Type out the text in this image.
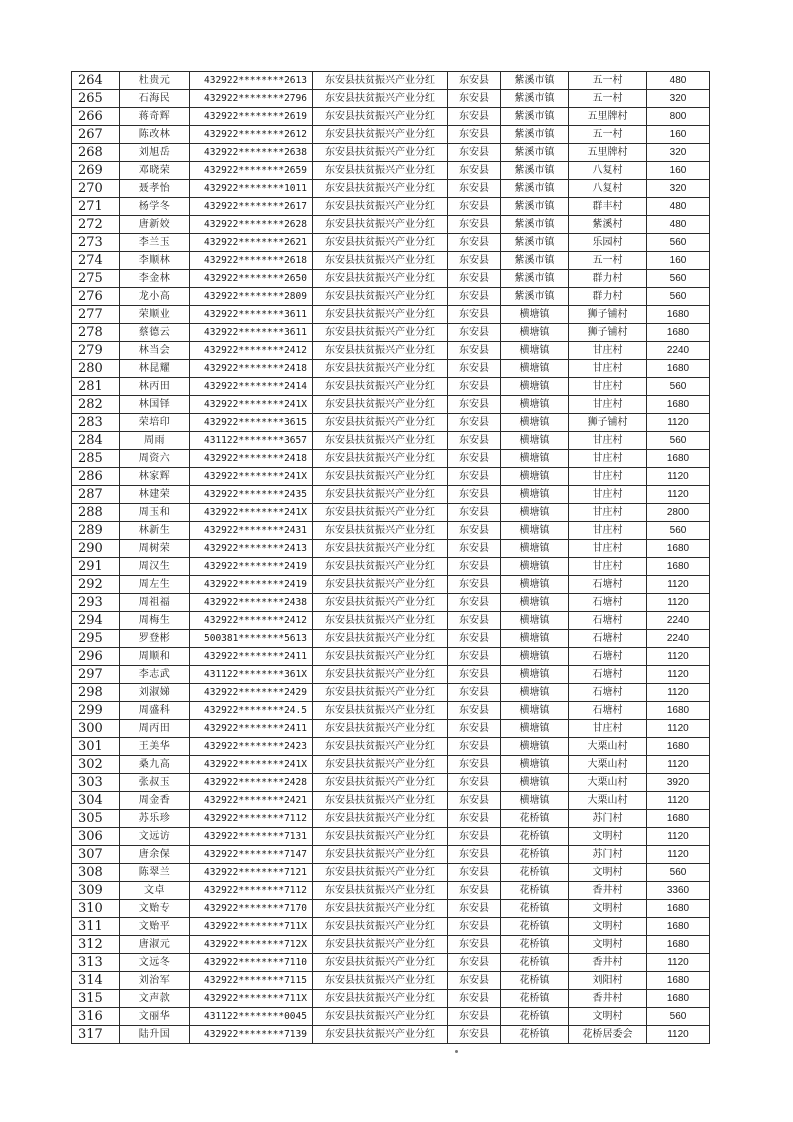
264	杜贵元	432922********2613	东安县扶贫振兴产业分红	东安县	紫溪市镇	五一村	480
265	石海民	432922********2796	东安县扶贫振兴产业分红	东安县	紫溪市镇	五一村	320
266	蒋奇辉	432922********2619	东安县扶贫振兴产业分红	东安县	紫溪市镇	五里牌村	800
267	陈改林	432922********2612	东安县扶贫振兴产业分红	东安县	紫溪市镇	五一村	160
268	刘旭岳	432922********2638	东安县扶贫振兴产业分红	东安县	紫溪市镇	五里牌村	320
269	邓晓荣	432922********2659	东安县扶贫振兴产业分红	东安县	紫溪市镇	八复村	160
270	聂孝怡	432922********1011	东安县扶贫振兴产业分红	东安县	紫溪市镇	八复村	320
271	杨学冬	432922********2617	东安县扶贫振兴产业分红	东安县	紫溪市镇	群丰村	480
272	唐新姣	432922********2628	东安县扶贫振兴产业分红	东安县	紫溪市镇	紫溪村	480
273	李兰玉	432922********2621	东安县扶贫振兴产业分红	东安县	紫溪市镇	乐园村	560
274	李顺林	432922********2618	东安县扶贫振兴产业分红	东安县	紫溪市镇	五一村	160
275	李金林	432922********2650	东安县扶贫振兴产业分红	东安县	紫溪市镇	群力村	560
276	龙小高	432922********2809	东安县扶贫振兴产业分红	东安县	紫溪市镇	群力村	560
277	荣顺业	432922********3611	东安县扶贫振兴产业分红	东安县	横塘镇	狮子铺村	1680
278	蔡德云	432922********3611	东安县扶贫振兴产业分红	东安县	横塘镇	狮子铺村	1680
279	林当会	432922********2412	东安县扶贫振兴产业分红	东安县	横塘镇	甘庄村	2240
280	林昆耀	432922********2418	东安县扶贫振兴产业分红	东安县	横塘镇	甘庄村	1680
281	林丙田	432922********2414	东安县扶贫振兴产业分红	东安县	横塘镇	甘庄村	560
282	林国铎	432922********241X	东安县扶贫振兴产业分红	东安县	横塘镇	甘庄村	1680
283	荣培印	432922********3615	东安县扶贫振兴产业分红	东安县	横塘镇	狮子铺村	1120
284	周雨	431122********3657	东安县扶贫振兴产业分红	东安县	横塘镇	甘庄村	560
285	周资六	432922********2418	东安县扶贫振兴产业分红	东安县	横塘镇	甘庄村	1680
286	林家辉	432922********241X	东安县扶贫振兴产业分红	东安县	横塘镇	甘庄村	1120
287	林建荣	432922********2435	东安县扶贫振兴产业分红	东安县	横塘镇	甘庄村	1120
288	周玉和	432922********241X	东安县扶贫振兴产业分红	东安县	横塘镇	甘庄村	2800
289	林新生	432922********2431	东安县扶贫振兴产业分红	东安县	横塘镇	甘庄村	560
290	周树荣	432922********2413	东安县扶贫振兴产业分红	东安县	横塘镇	甘庄村	1680
291	周汉生	432922********2419	东安县扶贫振兴产业分红	东安县	横塘镇	甘庄村	1680
292	周左生	432922********2419	东安县扶贫振兴产业分红	东安县	横塘镇	石塘村	1120
293	周祖福	432922********2438	东安县扶贫振兴产业分红	东安县	横塘镇	石塘村	1120
294	周梅生	432922********2412	东安县扶贫振兴产业分红	东安县	横塘镇	石塘村	2240
295	罗登彬	500381********5613	东安县扶贫振兴产业分红	东安县	横塘镇	石塘村	2240
296	周顺和	432922********2411	东安县扶贫振兴产业分红	东安县	横塘镇	石塘村	1120
297	李志武	431122********361X	东安县扶贫振兴产业分红	东安县	横塘镇	石塘村	1120
298	刘淑娣	432922********2429	东安县扶贫振兴产业分红	东安县	横塘镇	石塘村	1120
299	周盛科	432922********24.5	东安县扶贫振兴产业分红	东安县	横塘镇	石塘村	1680
300	周丙田	432922********2411	东安县扶贫振兴产业分红	东安县	横塘镇	甘庄村	1120
301	王美华	432922********2423	东安县扶贫振兴产业分红	东安县	横塘镇	大栗山村	1680
302	桑九高	432922********241X	东安县扶贫振兴产业分红	东安县	横塘镇	大栗山村	1120
303	张叔玉	432922********2428	东安县扶贫振兴产业分红	东安县	横塘镇	大栗山村	3920
304	周金香	432922********2421	东安县扶贫振兴产业分红	东安县	横塘镇	大栗山村	1120
305	苏乐珍	432922********7112	东安县扶贫振兴产业分红	东安县	花桥镇	苏门村	1680
306	文远访	432922********7131	东安县扶贫振兴产业分红	东安县	花桥镇	文明村	1120
307	唐余保	432922********7147	东安县扶贫振兴产业分红	东安县	花桥镇	苏门村	1120
308	陈翠兰	432922********7121	东安县扶贫振兴产业分红	东安县	花桥镇	文明村	560
309	文卓	432922********7112	东安县扶贫振兴产业分红	东安县	花桥镇	香井村	3360
310	文贻专	432922********7170	东安县扶贫振兴产业分红	东安县	花桥镇	文明村	1680
311	文贻平	432922********711X	东安县扶贫振兴产业分红	东安县	花桥镇	文明村	1680
312	唐淑元	432922********712X	东安县扶贫振兴产业分红	东安县	花桥镇	文明村	1680
313	文远冬	432922********7110	东安县扶贫振兴产业分红	东安县	花桥镇	香井村	1120
314	刘治军	432922********7115	东安县扶贫振兴产业分红	东安县	花桥镇	刘阳村	1680
315	文声款	432922********711X	东安县扶贫振兴产业分红	东安县	花桥镇	香井村	1680
316	文丽华	431122********0045	东安县扶贫振兴产业分红	东安县	花桥镇	文明村	560
317	陆升国	432922********7139	东安县扶贫振兴产业分红	东安县	花桥镇	花桥居委会	1120
